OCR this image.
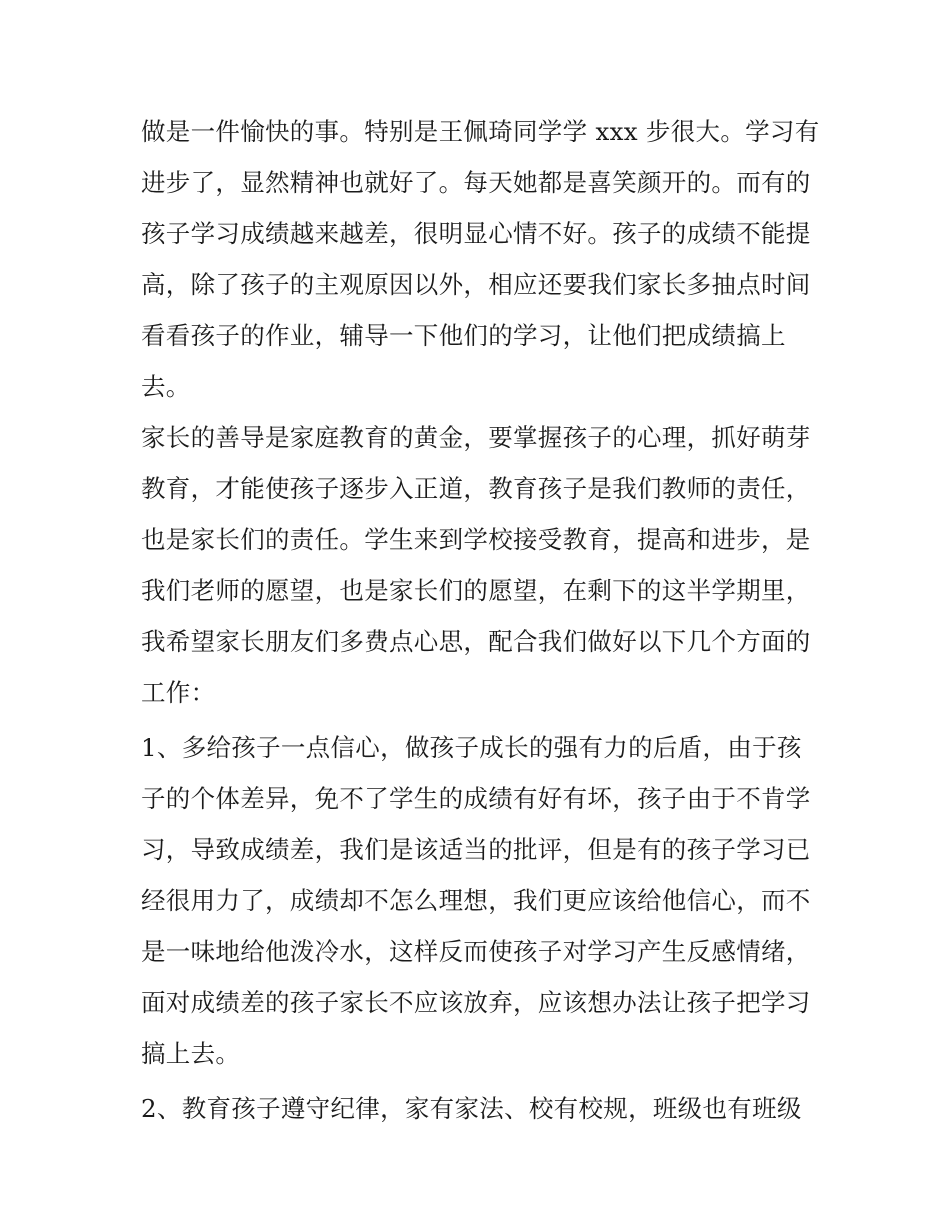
做是一件愉快的事。特别是王佩琦同学学 xxx 步很大。学习有
进步了，显然精神也就好了。每天她都是喜笑颜开的。而有的
孩子学习成绩越来越差，很明显心情不好。孩子的成绩不能提
高，除了孩子的主观原因以外，相应还要我们家长多抽点时间
看看孩子的作业，辅导一下他们的学习，让他们把成绩搞上
去。
家长的善导是家庭教育的黄金，要掌握孩子的心理，抓好萌芽
教育，才能使孩子逐步入正道，教育孩子是我们教师的责任，
也是家长们的责任。学生来到学校接受教育，提高和进步，是
我们老师的愿望，也是家长们的愿望，在剩下的这半学期里，
我希望家长朋友们多费点心思，配合我们做好以下几个方面的
工作：
1、多给孩子一点信心，做孩子成长的强有力的后盾，由于孩
子的个体差异，免不了学生的成绩有好有坏，孩子由于不肯学
习，导致成绩差，我们是该适当的批评，但是有的孩子学习已
经很用力了，成绩却不怎么理想，我们更应该给他信心，而不
是一味地给他泼冷水，这样反而使孩子对学习产生反感情绪，
面对成绩差的孩子家长不应该放弃，应该想办法让孩子把学习
搞上去。
2、教育孩子遵守纪律，家有家法、校有校规，班级也有班级
